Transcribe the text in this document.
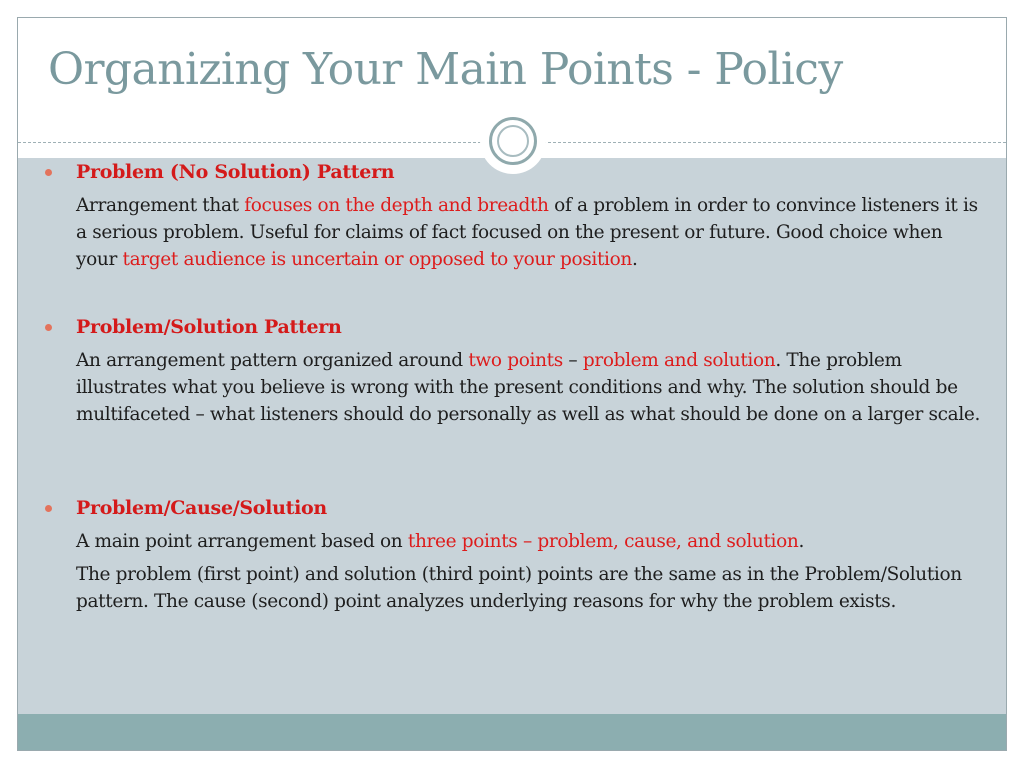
Organizing Your Main Points - Policy
Problem (No Solution) Pattern

Arrangement that focuses on the depth and breadth of a problem in order to convince listeners it is a serious problem. Useful for claims of fact focused on the present or future. Good choice when your target audience is uncertain or opposed to your position.

Problem/Solution Pattern

An arrangement pattern organized around two points – problem and solution. The problem illustrates what you believe is wrong with the present conditions and why. The solution should be multifaceted – what listeners should do personally as well as what should be done on a larger scale.

Problem/Cause/Solution

A main point arrangement based on three points – problem, cause, and solution.

The problem (first point) and solution (third point) points are the same as in the Problem/Solution pattern. The cause (second) point analyzes underlying reasons for why the problem exists.
